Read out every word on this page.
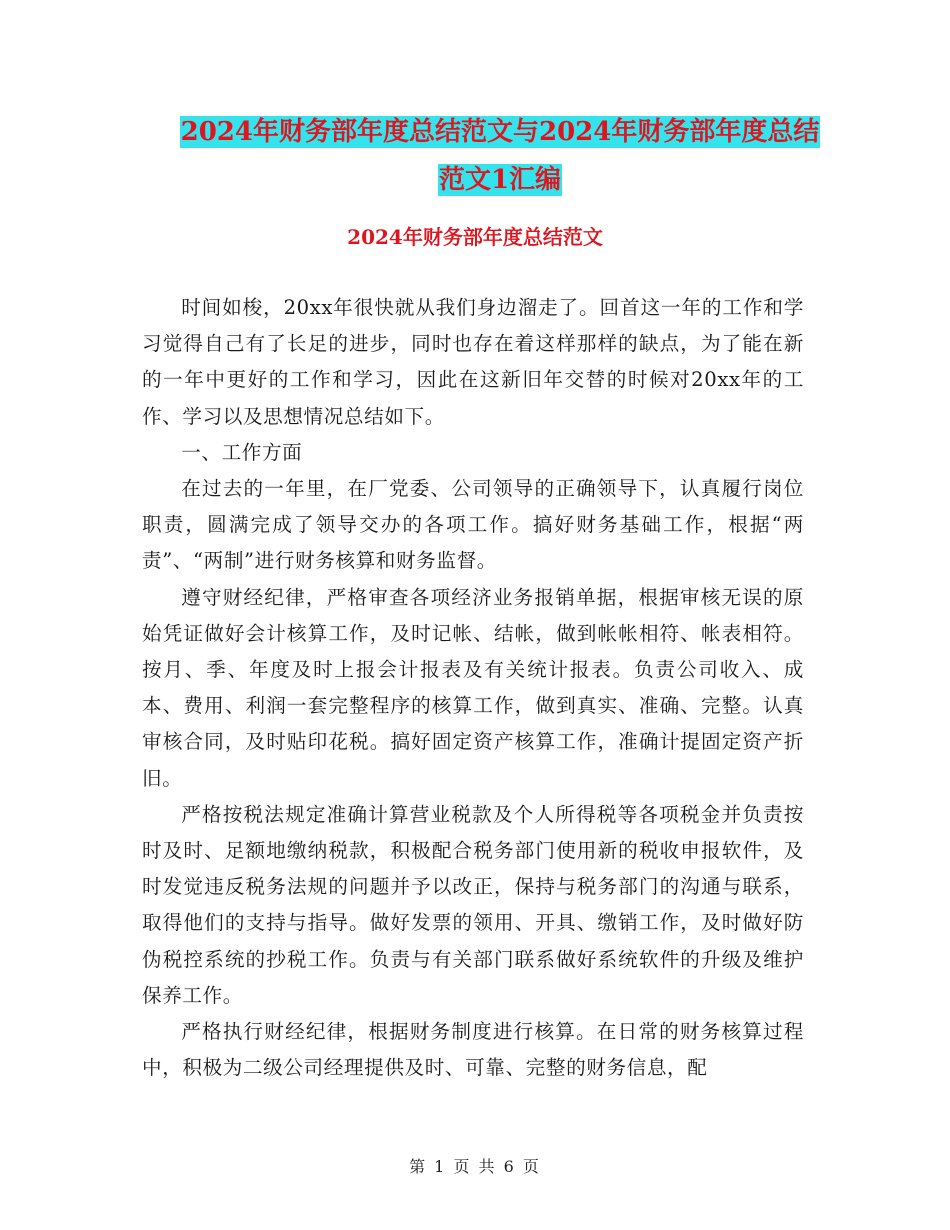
2024年财务部年度总结范文与2024年财务部年度总结
范文1汇编
2024年财务部年度总结范文

时间如梭，20xx年很快就从我们身边溜走了。回首这一年的工作和学习觉得自己有了长足的进步，同时也存在着这样那样的缺点，为了能在新的一年中更好的工作和学习，因此在这新旧年交替的时候对20xx年的工作、学习以及思想情况总结如下。

一、工作方面

在过去的一年里，在厂党委、公司领导的正确领导下，认真履行岗位职责，圆满完成了领导交办的各项工作。搞好财务基础工作，根据“两责”、“两制”进行财务核算和财务监督。

遵守财经纪律，严格审查各项经济业务报销单据，根据审核无误的原始凭证做好会计核算工作，及时记帐、结帐，做到帐帐相符、帐表相符。按月、季、年度及时上报会计报表及有关统计报表。负责公司收入、成本、费用、利润一套完整程序的核算工作，做到真实、准确、完整。认真审核合同，及时贴印花税。搞好固定资产核算工作，准确计提固定资产折旧。

严格按税法规定准确计算营业税款及个人所得税等各项税金并负责按时及时、足额地缴纳税款，积极配合税务部门使用新的税收申报软件，及时发觉违反税务法规的问题并予以改正，保持与税务部门的沟通与联系，取得他们的支持与指导。做好发票的领用、开具、缴销工作，及时做好防伪税控系统的抄税工作。负责与有关部门联系做好系统软件的升级及维护保养工作。

严格执行财经纪律，根据财务制度进行核算。在日常的财务核算过程中，积极为二级公司经理提供及时、可靠、完整的财务信息，配

第 1 页 共 6 页
